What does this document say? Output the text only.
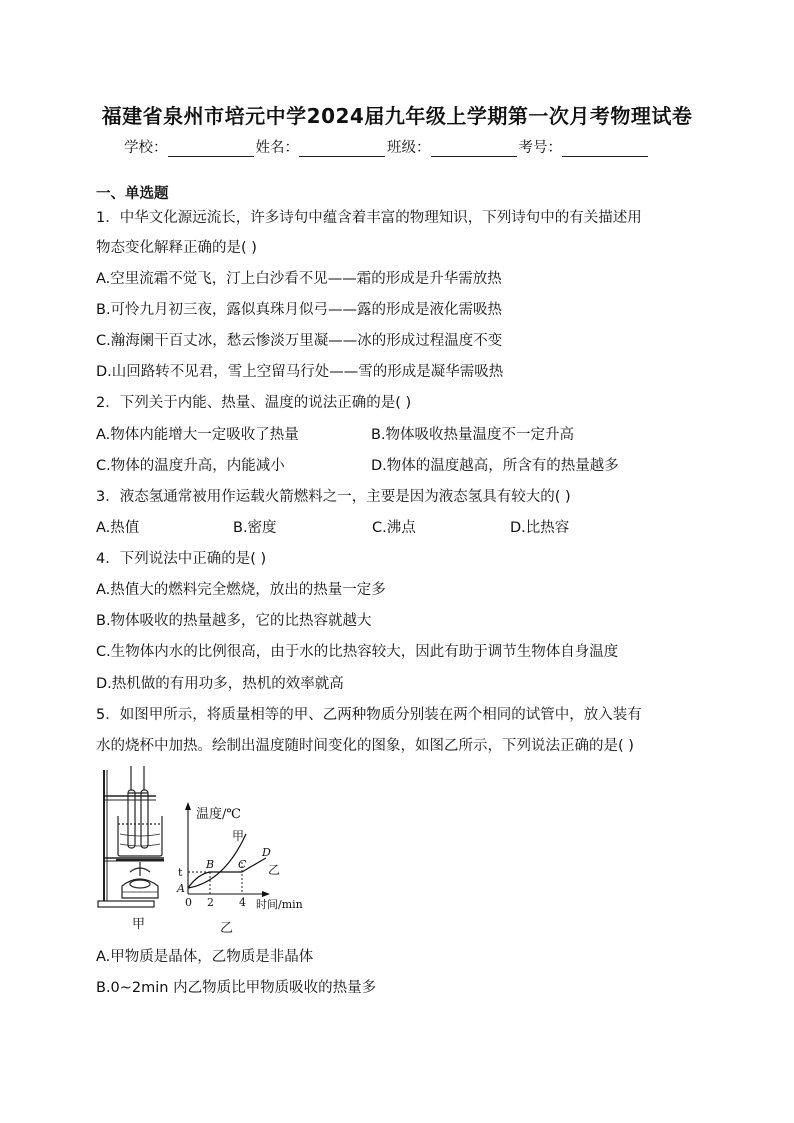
福建省泉州市培元中学2024届九年级上学期第一次月考物理试卷
学校：	姓名：	班级：	考号：
一、单选题
1．中华文化源远流长，许多诗句中蕴含着丰富的物理知识，下列诗句中的有关描述用
物态变化解释正确的是( )
A.空里流霜不觉飞，汀上白沙看不见——霜的形成是升华需放热
B.可怜九月初三夜，露似真珠月似弓——露的形成是液化需吸热
C.瀚海阑干百丈冰，愁云惨淡万里凝——冰的形成过程温度不变
D.山回路转不见君，雪上空留马行处——雪的形成是凝华需吸热
2．下列关于内能、热量、温度的说法正确的是( )
A.物体内能增大一定吸收了热量	B.物体吸收热量温度不一定升高
C.物体的温度升高，内能减小	D.物体的温度越高，所含有的热量越多
3．液态氢通常被用作运载火箭燃料之一，主要是因为液态氢具有较大的( )
A.热值	B.密度	C.沸点	D.比热容
4．下列说法中正确的是( )
A.热值大的燃料完全燃烧，放出的热量一定多
B.物体吸收的热量越多，它的比热容就越大
C.生物体内水的比例很高，由于水的比热容较大，因此有助于调节生物体自身温度
D.热机做的有用功多，热机的效率就高
5．如图甲所示，将质量相等的甲、乙两种物质分别装在两个相同的试管中，放入装有
水的烧杯中加热。绘制出温度随时间变化的图象，如图乙所示，下列说法正确的是( )
甲
温度/℃
时间/min
t
0 2 4
甲
乙
A
B C
D
乙
A.甲物质是晶体，乙物质是非晶体
B.0~2min 内乙物质比甲物质吸收的热量多
